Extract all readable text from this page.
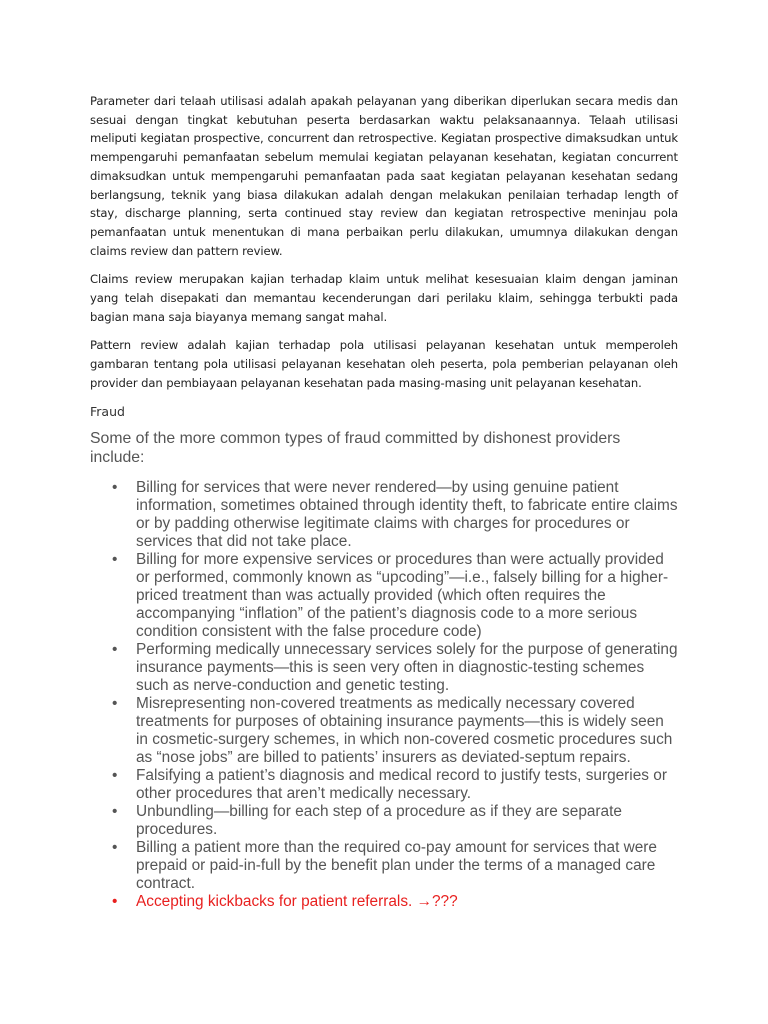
Parameter dari telaah utilisasi adalah apakah pelayanan yang diberikan diperlukan secara medis dan sesuai dengan tingkat kebutuhan peserta berdasarkan waktu pelaksanaannya. Telaah utilisasi meliputi kegiatan prospective, concurrent dan retrospective. Kegiatan prospective dimaksudkan untuk mempengaruhi pemanfaatan sebelum memulai kegiatan pelayanan kesehatan, kegiatan concurrent dimaksudkan untuk mempengaruhi pemanfaatan pada saat kegiatan pelayanan kesehatan sedang berlangsung, teknik yang biasa dilakukan adalah dengan melakukan penilaian terhadap length of stay, discharge planning, serta continued stay review dan kegiatan retrospective meninjau pola pemanfaatan untuk menentukan di mana perbaikan perlu dilakukan, umumnya dilakukan dengan claims review dan pattern review.

Claims review merupakan kajian terhadap klaim untuk melihat kesesuaian klaim dengan jaminan yang telah disepakati dan memantau kecenderungan dari perilaku klaim, sehingga terbukti pada bagian mana saja biayanya memang sangat mahal.

Pattern review adalah kajian terhadap pola utilisasi pelayanan kesehatan untuk memperoleh gambaran tentang pola utilisasi pelayanan kesehatan oleh peserta, pola pemberian pelayanan oleh provider dan pembiayaan pelayanan kesehatan pada masing-masing unit pelayanan kesehatan.

Fraud
Some of the more common types of fraud committed by dishonest providers include:
• Billing for services that were never rendered—by using genuine patient information, sometimes obtained through identity theft, to fabricate entire claims or by padding otherwise legitimate claims with charges for procedures or services that did not take place.
• Billing for more expensive services or procedures than were actually provided or performed, commonly known as “upcoding”—i.e., falsely billing for a higher-priced treatment than was actually provided (which often requires the accompanying “inflation” of the patient’s diagnosis code to a more serious condition consistent with the false procedure code)
• Performing medically unnecessary services solely for the purpose of generating insurance payments—this is seen very often in diagnostic-testing schemes such as nerve-conduction and genetic testing.
• Misrepresenting non-covered treatments as medically necessary covered treatments for purposes of obtaining insurance payments—this is widely seen in cosmetic-surgery schemes, in which non-covered cosmetic procedures such as “nose jobs” are billed to patients’ insurers as deviated-septum repairs.
• Falsifying a patient’s diagnosis and medical record to justify tests, surgeries or other procedures that aren’t medically necessary.
• Unbundling—billing for each step of a procedure as if they are separate procedures.
• Billing a patient more than the required co-pay amount for services that were prepaid or paid-in-full by the benefit plan under the terms of a managed care contract.
• Accepting kickbacks for patient referrals. →???
